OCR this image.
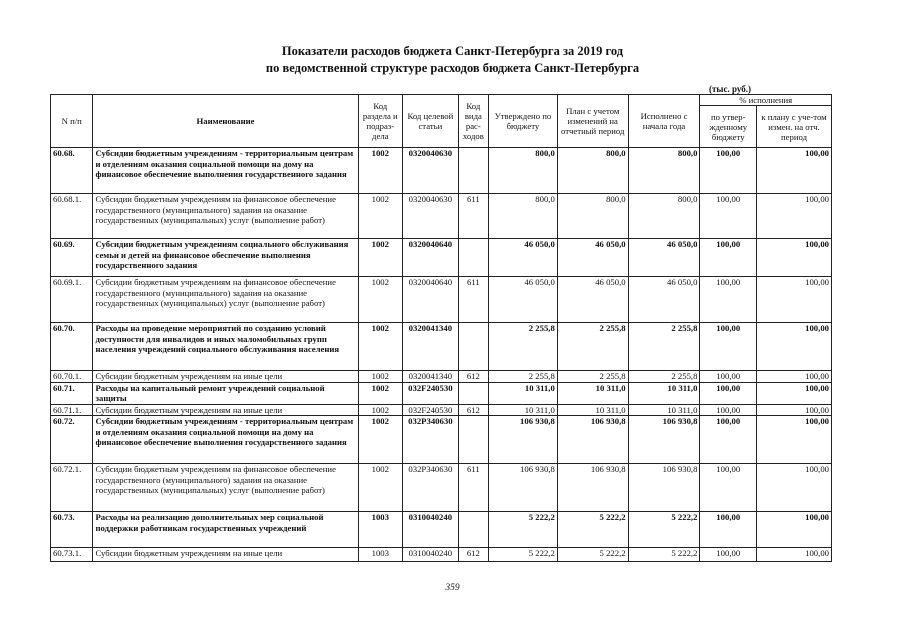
Показатели расходов бюджета Санкт-Петербурга за 2019 год
по ведомственной структуре расходов бюджета Санкт-Петербурга
(тыс. руб.)
N п/п	Наименование	Код раздела и подраз-дела	Код целевой статьи	Код вида рас-ходов	Утверждено по бюджету	План с учетом изменений на отчетный период	Исполнено с начала года	% исполнения	
								по утвер-жденному бюджету	к плану с уче-том измен. на отч. период
60.68.	Субсидии бюджетным учреждениям - территориальным центрам и отделениям оказания социальной помощи на дому на финансовое обеспечение выполнения государственного задания	1002	0320040630		800,0	800,0	800,0	100,00	100,00
60.68.1.	Субсидии бюджетным учреждениям на финансовое обеспечение государственного (муниципального) задания на оказание государственных (муниципальных) услуг (выполнение работ)	1002	0320040630	611	800,0	800,0	800,0	100,00	100,00
60.69.	Субсидии бюджетным учреждениям социального обслуживания семьи и детей на финансовое обеспечение выполнения государственного задания	1002	0320040640		46 050,0	46 050,0	46 050,0	100,00	100,00
60.69.1.	Субсидии бюджетным учреждениям на финансовое обеспечение государственного (муниципального) задания на оказание государственных (муниципальных) услуг (выполнение работ)	1002	0320040640	611	46 050,0	46 050,0	46 050,0	100,00	100,00
60.70.	Расходы на проведение мероприятий по созданию условий доступности для инвалидов и иных маломобильных групп населения учреждений социального обслуживания населения	1002	0320041340		2 255,8	2 255,8	2 255,8	100,00	100,00
60.70.1.	Субсидии бюджетным учреждениям на иные цели	1002	0320041340	612	2 255,8	2 255,8	2 255,8	100,00	100,00
60.71.	Расходы на капитальный ремонт учреждений социальной защиты	1002	032F240530		10 311,0	10 311,0	10 311,0	100,00	100,00
60.71.1.	Субсидии бюджетным учреждениям на иные цели	1002	032F240530	612	10 311,0	10 311,0	10 311,0	100,00	100,00
60.72.	Субсидии бюджетным учреждениям - территориальным центрам и отделениям оказания социальной помощи на дому на финансовое обеспечение выполнения государственного задания	1002	032P340630		106 930,8	106 930,8	106 930,8	100,00	100,00
60.72.1.	Субсидии бюджетным учреждениям на финансовое обеспечение государственного (муниципального) задания на оказание государственных (муниципальных) услуг (выполнение работ)	1002	032P340630	611	106 930,8	106 930,8	106 930,8	100,00	100,00
60.73.	Расходы на реализацию дополнительных мер социальной поддержки работникам государственных учреждений	1003	0310040240		5 222,2	5 222,2	5 222,2	100,00	100,00
60.73.1.	Субсидии бюджетным учреждениям на иные цели	1003	0310040240	612	5 222,2	5 222,2	5 222,2	100,00	100,00
359
